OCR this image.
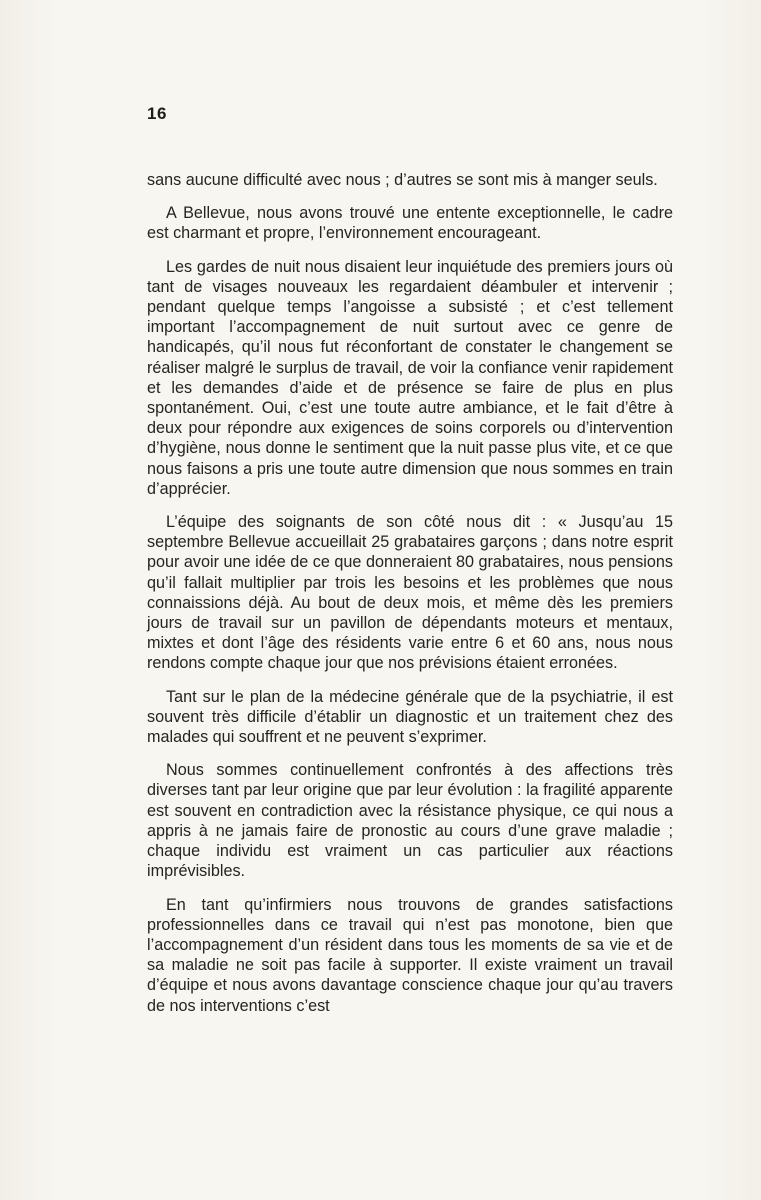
16

sans aucune difficulté avec nous ; d’autres se sont mis à manger seuls.

A Bellevue, nous avons trouvé une entente exceptionnelle, le cadre est charmant et propre, l’environnement encourageant.

Les gardes de nuit nous disaient leur inquiétude des premiers jours où tant de visages nouveaux les regardaient déambuler et intervenir ; pendant quelque temps l’angoisse a subsisté ; et c’est tellement important l’accompagnement de nuit surtout avec ce genre de handicapés, qu’il nous fut réconfortant de constater le changement se réaliser malgré le surplus de travail, de voir la confiance venir rapidement et les demandes d’aide et de présence se faire de plus en plus spontanément. Oui, c’est une toute autre ambiance, et le fait d’être à deux pour répondre aux exigences de soins corporels ou d’intervention d’hygiène, nous donne le sentiment que la nuit passe plus vite, et ce que nous faisons a pris une toute autre dimension que nous sommes en train d’apprécier.

L’équipe des soignants de son côté nous dit : « Jusqu’au 15 septembre Bellevue accueillait 25 grabataires garçons ; dans notre esprit pour avoir une idée de ce que donneraient 80 grabataires, nous pensions qu’il fallait multiplier par trois les besoins et les problèmes que nous connaissions déjà. Au bout de deux mois, et même dès les premiers jours de travail sur un pavillon de dépendants moteurs et mentaux, mixtes et dont l’âge des résidents varie entre 6 et 60 ans, nous nous rendons compte chaque jour que nos prévisions étaient erronées.

Tant sur le plan de la médecine générale que de la psychiatrie, il est souvent très difficile d’établir un diagnostic et un traitement chez des malades qui souffrent et ne peuvent s’exprimer.

Nous sommes continuellement confrontés à des affections très diverses tant par leur origine que par leur évolution : la fragilité apparente est souvent en contradiction avec la résistance physique, ce qui nous a appris à ne jamais faire de pronostic au cours d’une grave maladie ; chaque individu est vraiment un cas particulier aux réactions imprévisibles.

En tant qu’infirmiers nous trouvons de grandes satisfactions professionnelles dans ce travail qui n’est pas monotone, bien que l’accompagnement d’un résident dans tous les moments de sa vie et de sa maladie ne soit pas facile à supporter. Il existe vraiment un travail d’équipe et nous avons davantage conscience chaque jour qu’au travers de nos interventions c’est
